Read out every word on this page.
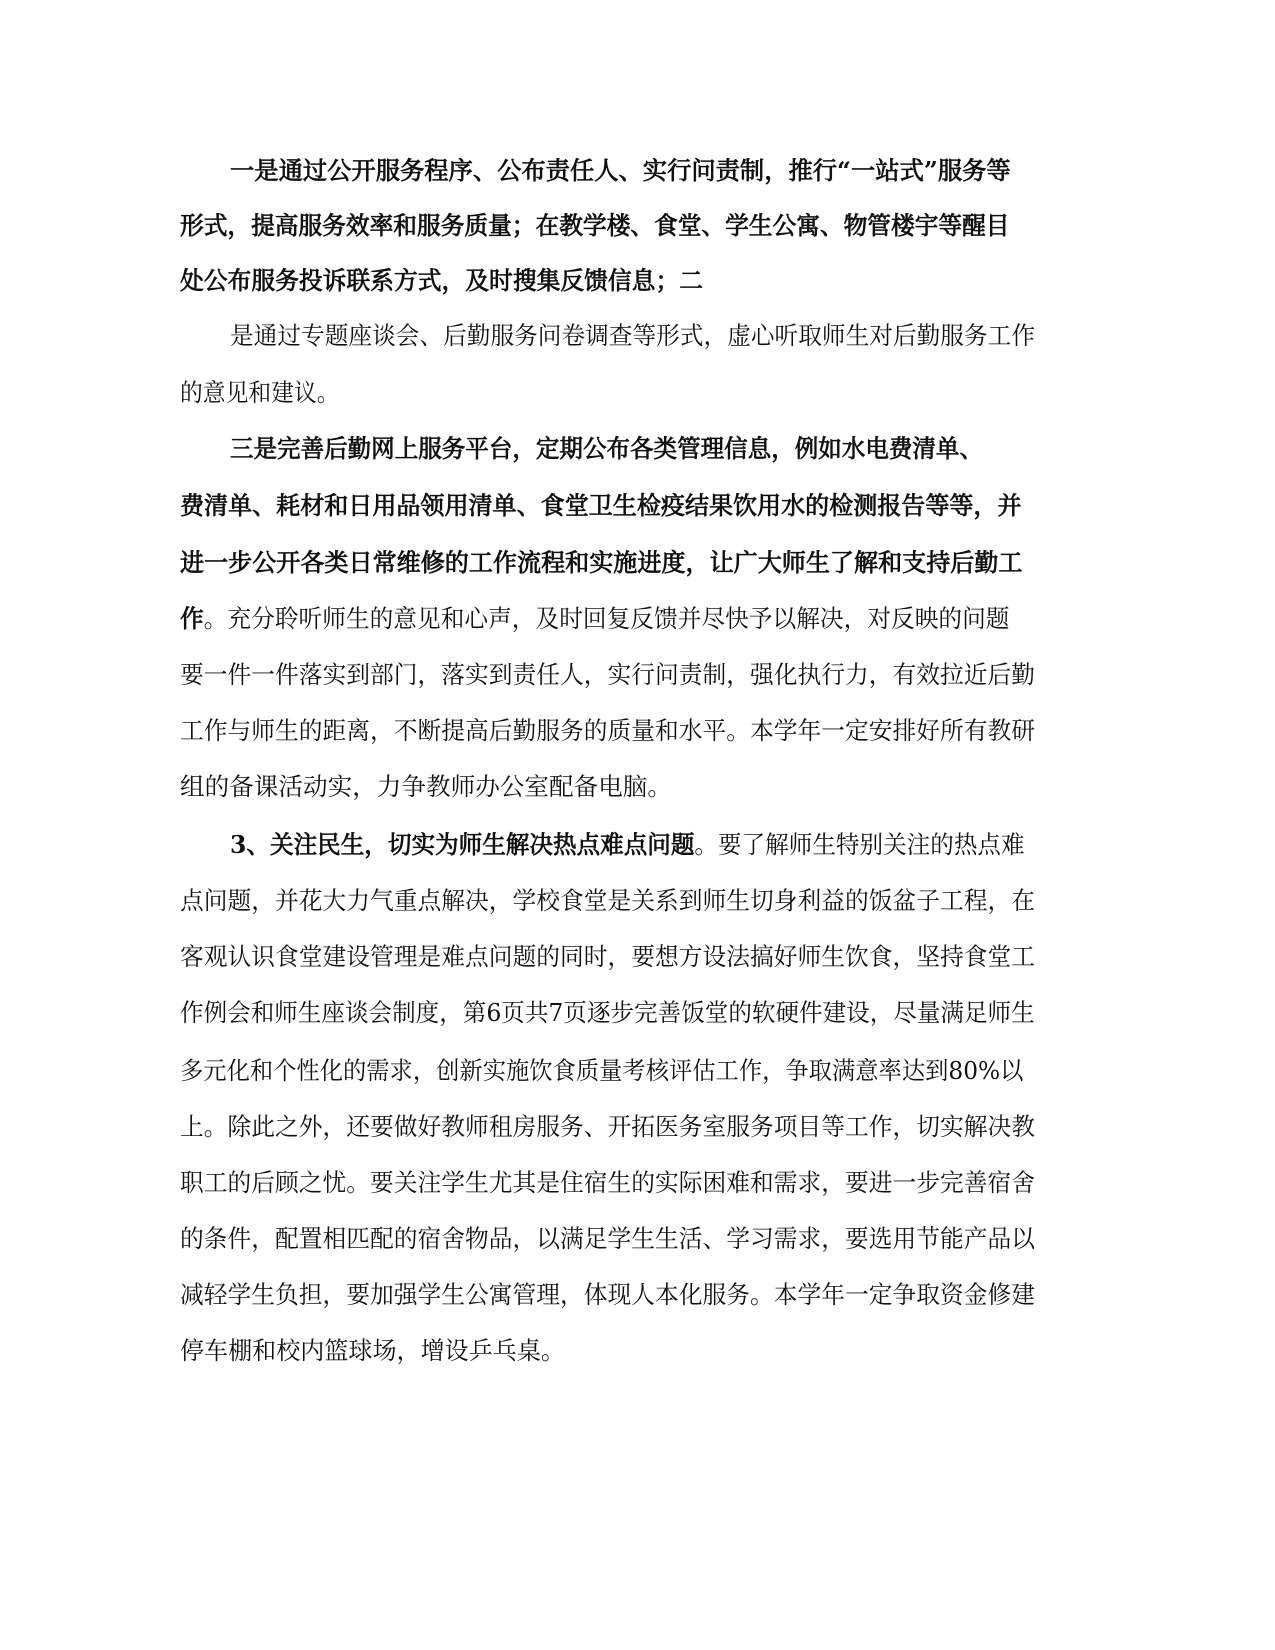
一是通过公开服务程序、公布责任人、实行问责制，推行“一站式”服务等

形式，提高服务效率和服务质量；在教学楼、食堂、学生公寓、物管楼宇等醒目

处公布服务投诉联系方式，及时搜集反馈信息；二

是通过专题座谈会、后勤服务问卷调查等形式，虚心听取师生对后勤服务工作

的意见和建议。

三是完善后勤网上服务平台，定期公布各类管理信息，例如水电费清单、

费清单、耗材和日用品领用清单、食堂卫生检疫结果饮用水的检测报告等等，并

进一步公开各类日常维修的工作流程和实施进度，让广大师生了解和支持后勤工

作。充分聆听师生的意见和心声，及时回复反馈并尽快予以解决，对反映的问题

要一件一件落实到部门，落实到责任人，实行问责制，强化执行力，有效拉近后勤

工作与师生的距离，不断提高后勤服务的质量和水平。本学年一定安排好所有教研

组的备课活动实，力争教师办公室配备电脑。

3、关注民生，切实为师生解决热点难点问题。要了解师生特别关注的热点难

点问题，并花大力气重点解决，学校食堂是关系到师生切身利益的饭盆子工程，在

客观认识食堂建设管理是难点问题的同时，要想方设法搞好师生饮食，坚持食堂工

作例会和师生座谈会制度，第6页共7页逐步完善饭堂的软硬件建设，尽量满足师生

多元化和个性化的需求，创新实施饮食质量考核评估工作，争取满意率达到80%以

上。除此之外，还要做好教师租房服务、开拓医务室服务项目等工作，切实解决教

职工的后顾之忧。要关注学生尤其是住宿生的实际困难和需求，要进一步完善宿舍

的条件，配置相匹配的宿舍物品，以满足学生生活、学习需求，要选用节能产品以

减轻学生负担，要加强学生公寓管理，体现人本化服务。本学年一定争取资金修建

停车棚和校内篮球场，增设乒乓桌。
